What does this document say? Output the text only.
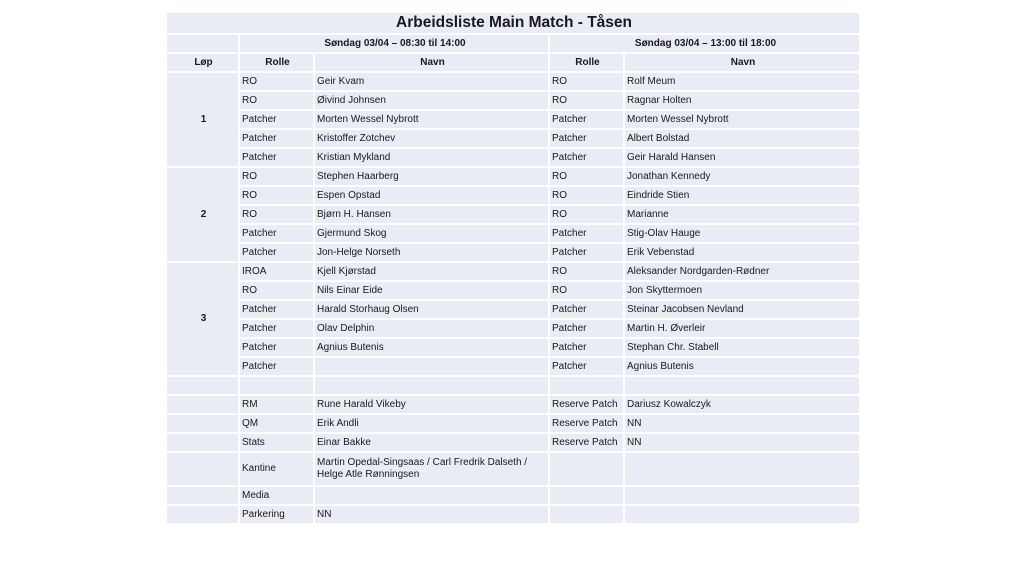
Arbeidsliste Main Match - Tåsen				
	Søndag 03/04 – 08:30 til 14:00		Søndag 03/04 – 13:00 til 18:00	
Løp	Rolle	Navn	Rolle	Navn
1	RO	Geir Kvam	RO	Rolf Meum
	RO	Øivind Johnsen	RO	Ragnar Holten
	Patcher	Morten Wessel Nybrott	Patcher	Morten Wessel Nybrott
	Patcher	Kristoffer Zotchev	Patcher	Albert Bolstad
	Patcher	Kristian Mykland	Patcher	Geir Harald Hansen
2	RO	Stephen Haarberg	RO	Jonathan Kennedy
	RO	Espen Opstad	RO	Eindride Stien
	RO	Bjørn H. Hansen	RO	Marianne
	Patcher	Gjermund Skog	Patcher	Stig-Olav Hauge
	Patcher	Jon-Helge Norseth	Patcher	Erik Vebenstad
3	IROA	Kjell Kjørstad	RO	Aleksander Nordgarden-Rødner
	RO	Nils Einar Eide	RO	Jon Skyttermoen
	Patcher	Harald Storhaug Olsen	Patcher	Steinar Jacobsen Nevland
	Patcher	Olav Delphin	Patcher	Martin H. Øverleir
	Patcher	Agnius Butenis	Patcher	Stephan Chr. Stabell
	Patcher		Patcher	Agnius Butenis

	RM	Rune Harald Vikeby	Reserve Patch	Dariusz Kowalczyk
	QM	Erik Andli	Reserve Patch	NN
	Stats	Einar Bakke	Reserve Patch	NN
	Kantine	Martin Opedal-Singsaas / Carl Fredrik Dalseth / Helge Atle Rønningsen		
	Media			
	Parkering	NN		
